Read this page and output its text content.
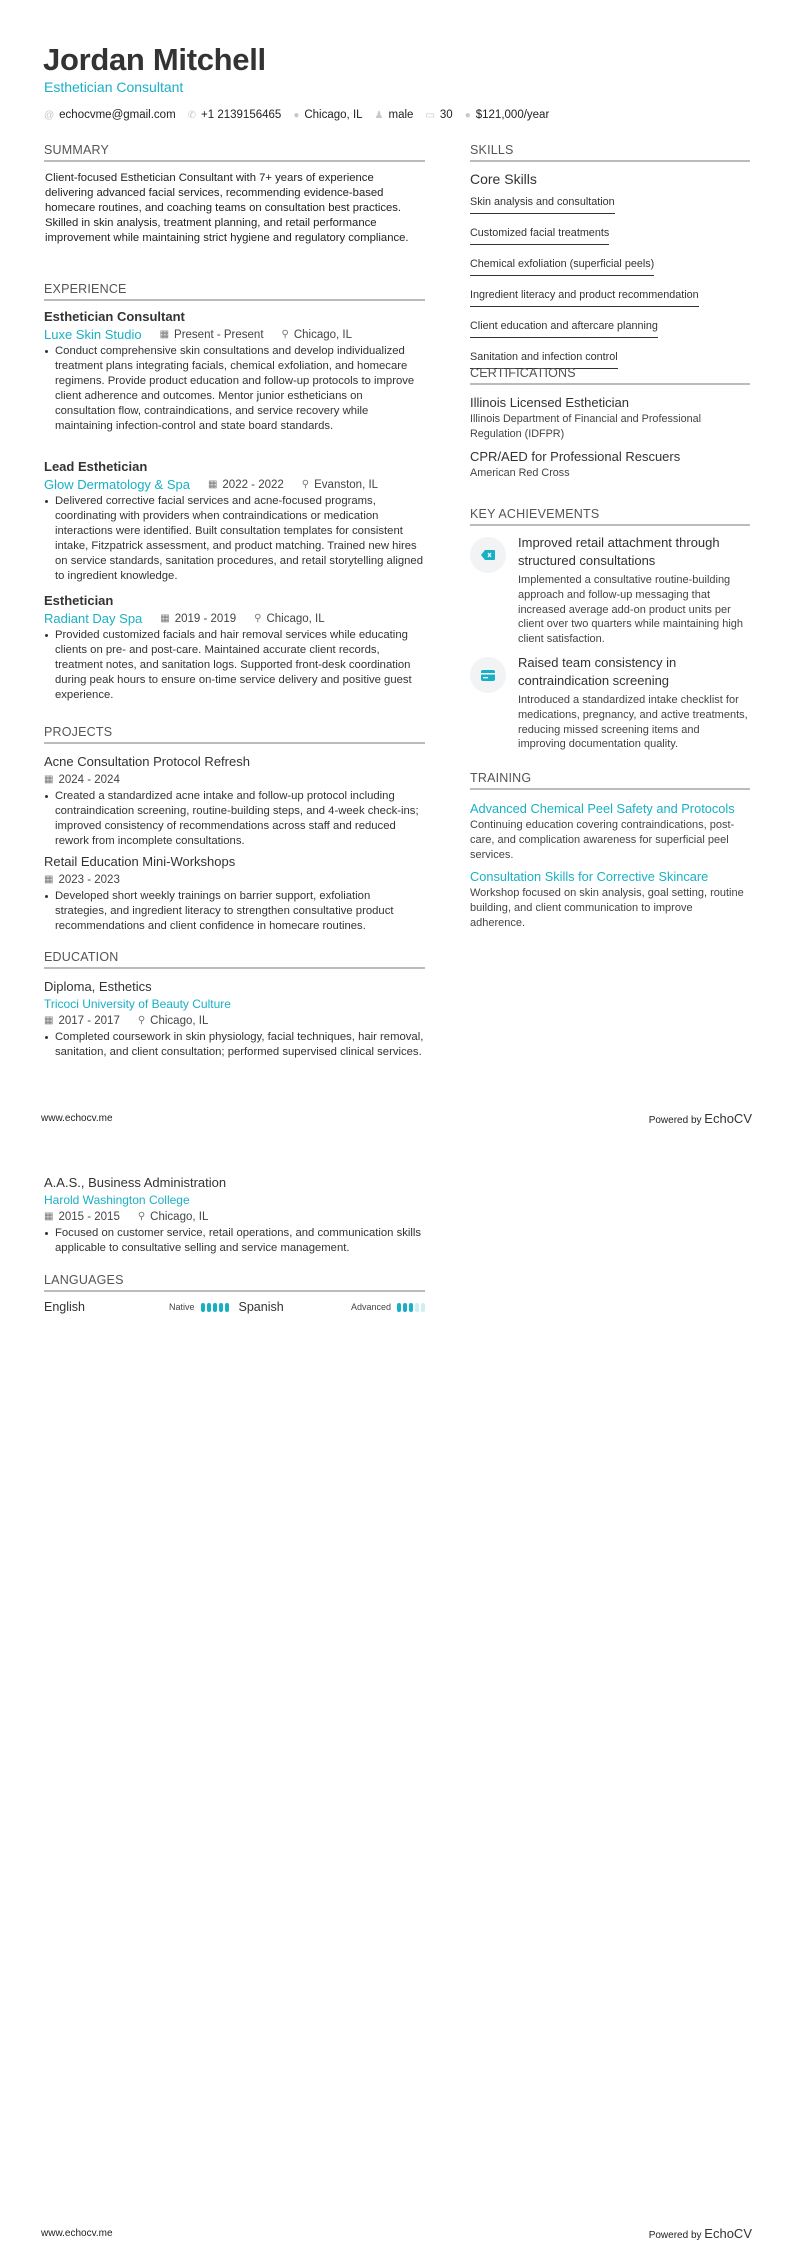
Jordan Mitchell
Esthetician Consultant
@ echocvme@gmail.com ✆ +1 2139156465 ● Chicago, IL ♟ male ▭ 30 ● $121,000/year
SUMMARY
Client-focused Esthetician Consultant with 7+ years of experience delivering advanced facial services, recommending evidence-based homecare routines, and coaching teams on consultation best practices. Skilled in skin analysis, treatment planning, and retail performance improvement while maintaining strict hygiene and regulatory compliance.
EXPERIENCE
Esthetician Consultant
Luxe Skin Studio ▦ Present - Present ⚲ Chicago, IL
Conduct comprehensive skin consultations and develop individualized treatment plans integrating facials, chemical exfoliation, and homecare regimens. Provide product education and follow-up protocols to improve client adherence and outcomes. Mentor junior estheticians on consultation flow, contraindications, and service recovery while maintaining infection-control and state board standards.
Lead Esthetician
Glow Dermatology & Spa ▦ 2022 - 2022 ⚲ Evanston, IL
Delivered corrective facial services and acne-focused programs, coordinating with providers when contraindications or medication interactions were identified. Built consultation templates for consistent intake, Fitzpatrick assessment, and product matching. Trained new hires on service standards, sanitation procedures, and retail storytelling aligned to ingredient knowledge.
Esthetician
Radiant Day Spa ▦ 2019 - 2019 ⚲ Chicago, IL
Provided customized facials and hair removal services while educating clients on pre- and post-care. Maintained accurate client records, treatment notes, and sanitation logs. Supported front-desk coordination during peak hours to ensure on-time service delivery and positive guest experience.
PROJECTS
Acne Consultation Protocol Refresh
▦ 2024 - 2024
Created a standardized acne intake and follow-up protocol including contraindication screening, routine-building steps, and 4-week check-ins; improved consistency of recommendations across staff and reduced rework from incomplete consultations.
Retail Education Mini-Workshops
▦ 2023 - 2023
Developed short weekly trainings on barrier support, exfoliation strategies, and ingredient literacy to strengthen consultative product recommendations and client confidence in homecare routines.
EDUCATION
Diploma, Esthetics
Tricoci University of Beauty Culture
▦ 2017 - 2017 ⚲ Chicago, IL
Completed coursework in skin physiology, facial techniques, hair removal, sanitation, and client consultation; performed supervised clinical services.
www.echocv.me	Powered by EchoCV
A.A.S., Business Administration
Harold Washington College
▦ 2015 - 2015 ⚲ Chicago, IL
Focused on customer service, retail operations, and communication skills applicable to consultative selling and service management.
LANGUAGES
English	Native	Spanish	Advanced
www.echocv.me	Powered by EchoCV
SKILLS
Core Skills
Skin analysis and consultation
Customized facial treatments
Chemical exfoliation (superficial peels)
Ingredient literacy and product recommendation
Client education and aftercare planning
Sanitation and infection control
CERTIFICATIONS
Illinois Licensed Esthetician
Illinois Department of Financial and Professional Regulation (IDFPR)
CPR/AED for Professional Rescuers
American Red Cross
KEY ACHIEVEMENTS
Improved retail attachment through structured consultations
Implemented a consultative routine-building approach and follow-up messaging that increased average add-on product units per client over two quarters while maintaining high client satisfaction.
Raised team consistency in contraindication screening
Introduced a standardized intake checklist for medications, pregnancy, and active treatments, reducing missed screening items and improving documentation quality.
TRAINING
Advanced Chemical Peel Safety and Protocols
Continuing education covering contraindications, post-care, and complication awareness for superficial peel services.
Consultation Skills for Corrective Skincare
Workshop focused on skin analysis, goal setting, routine building, and client communication to improve adherence.
